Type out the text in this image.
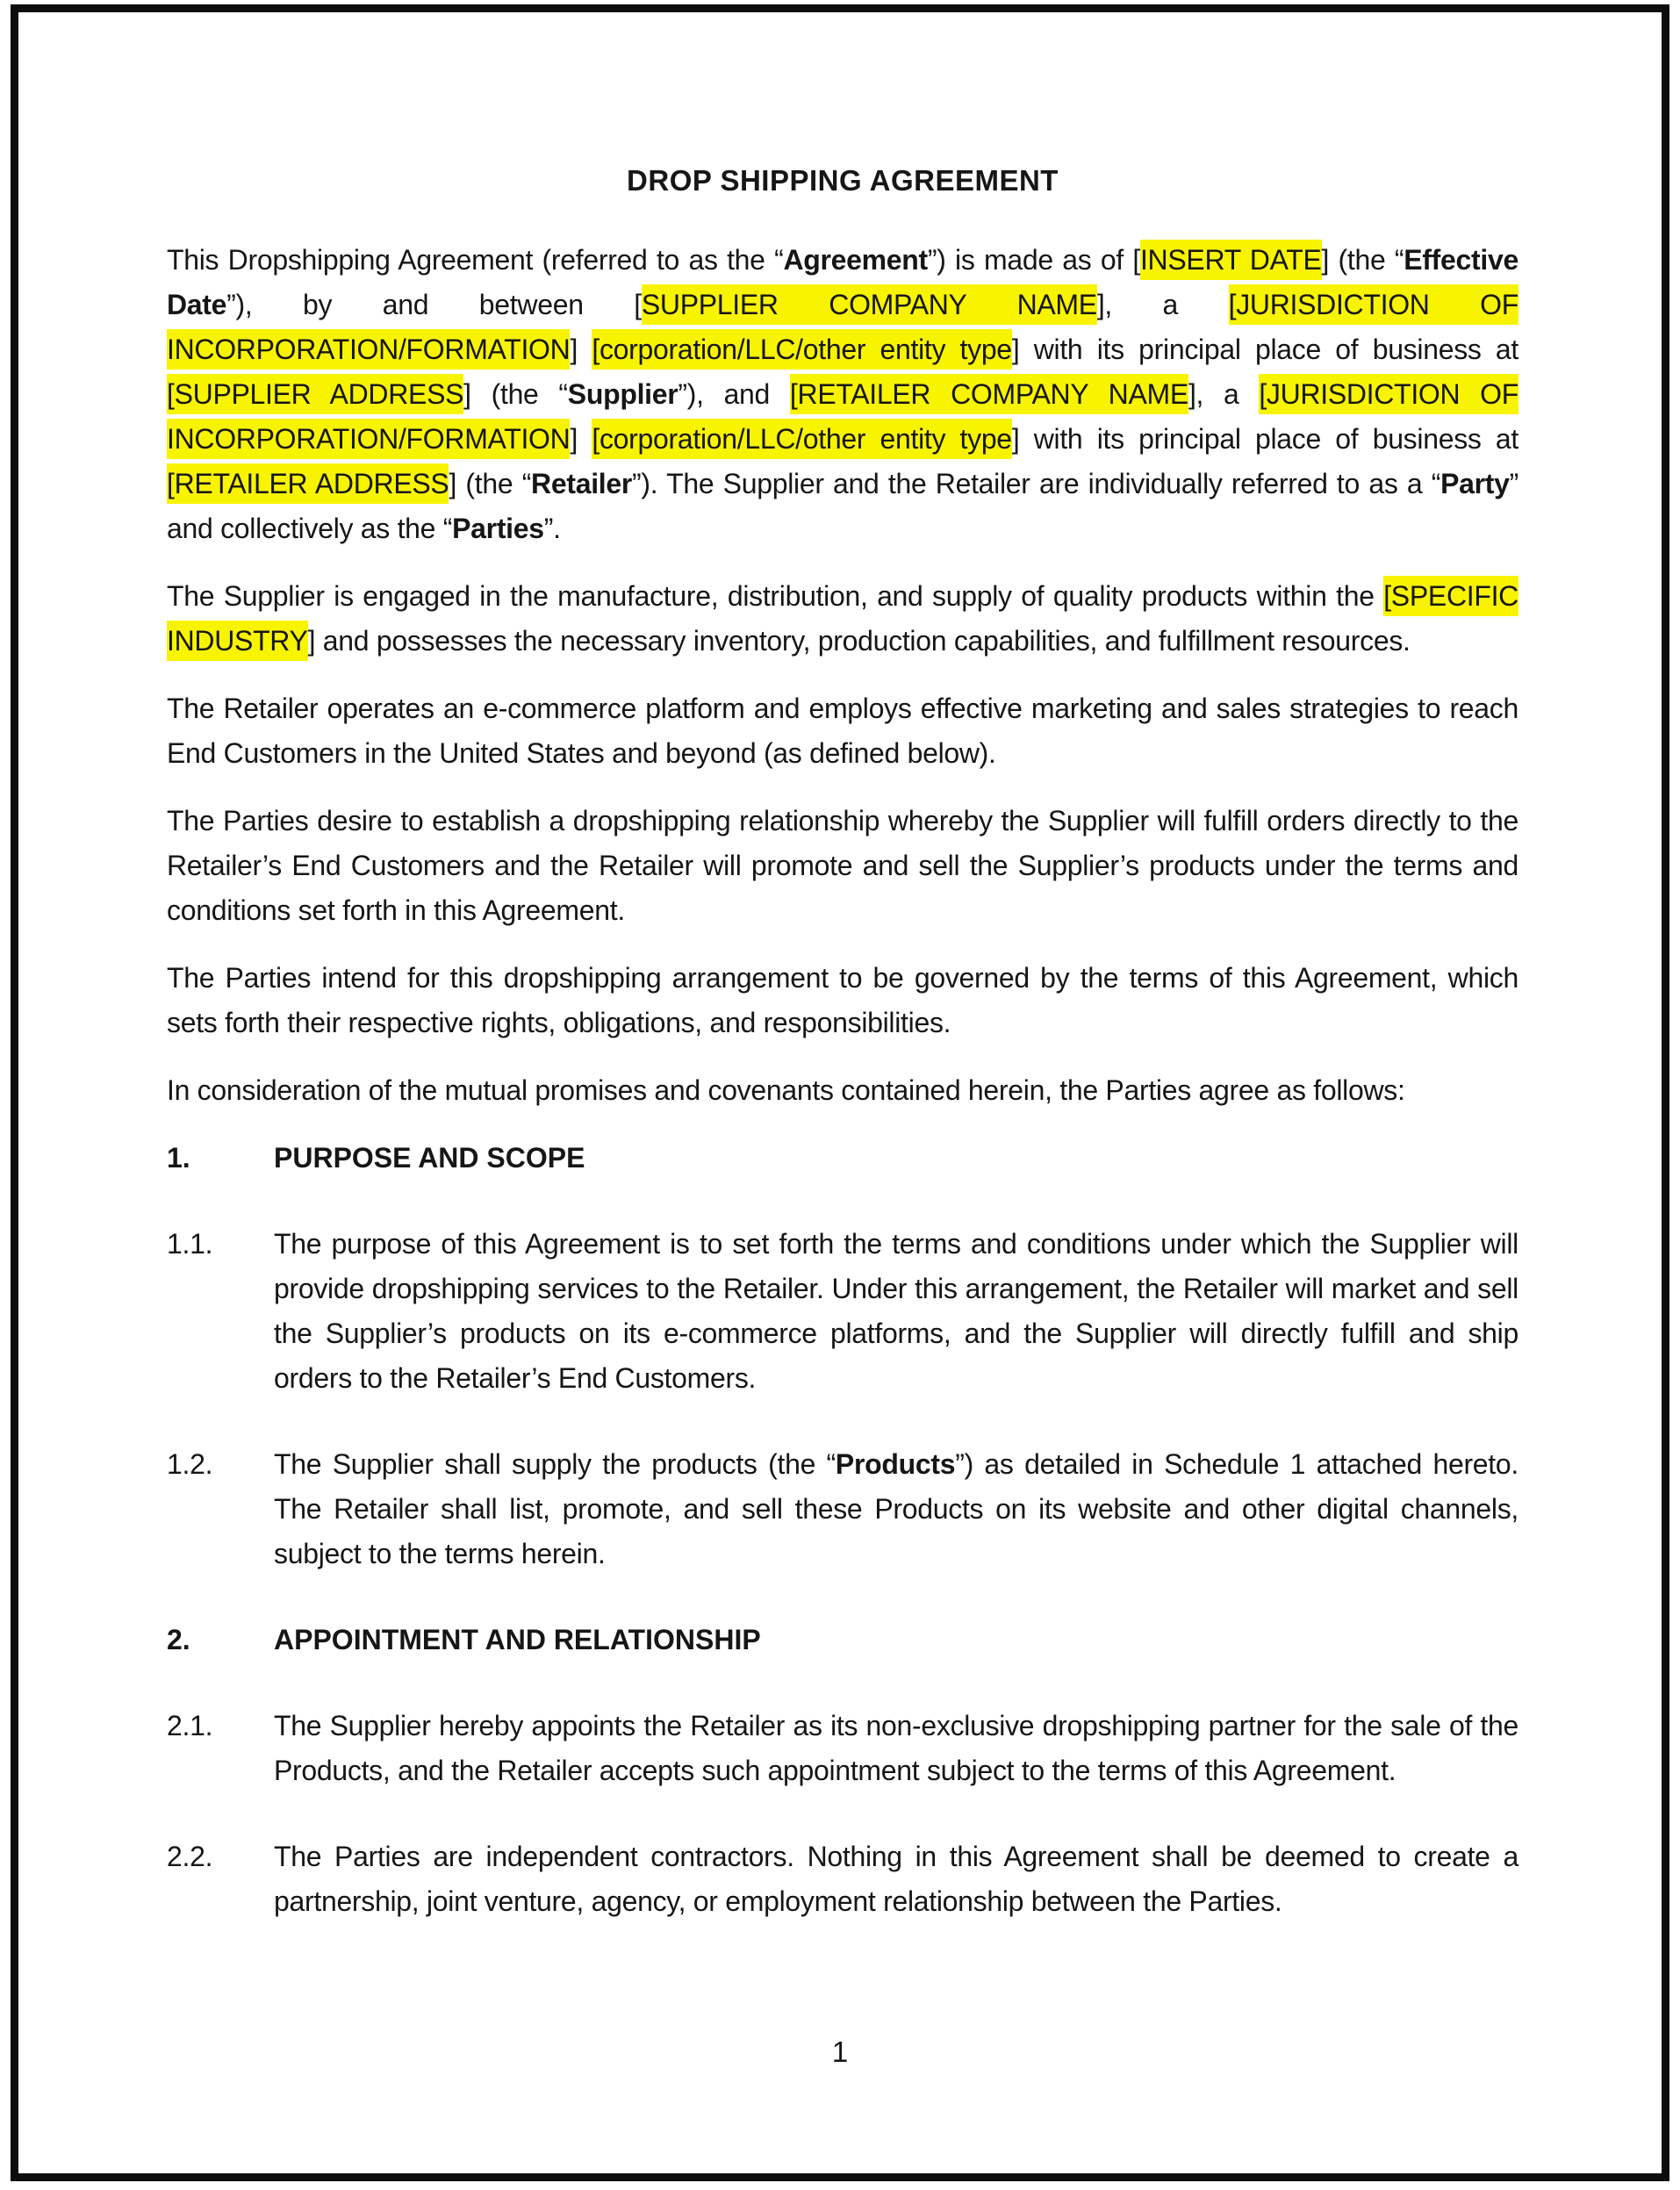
DROP SHIPPING AGREEMENT

This Dropshipping Agreement (referred to as the “Agreement”) is made as of [INSERT DATE] (the “Effective Date”), by and between [SUPPLIER COMPANY NAME], a [JURISDICTION OF INCORPORATION/FORMATION] [corporation/LLC/other entity type] with its principal place of business at [SUPPLIER ADDRESS] (the “Supplier”), and [RETAILER COMPANY NAME], a [JURISDICTION OF INCORPORATION/FORMATION] [corporation/LLC/other entity type] with its principal place of business at [RETAILER ADDRESS] (the “Retailer”). The Supplier and the Retailer are individually referred to as a “Party” and collectively as the “Parties”.

The Supplier is engaged in the manufacture, distribution, and supply of quality products within the [SPECIFIC INDUSTRY] and possesses the necessary inventory, production capabilities, and fulfillment resources.

The Retailer operates an e-commerce platform and employs effective marketing and sales strategies to reach End Customers in the United States and beyond (as defined below).

The Parties desire to establish a dropshipping relationship whereby the Supplier will fulfill orders directly to the Retailer’s End Customers and the Retailer will promote and sell the Supplier’s products under the terms and conditions set forth in this Agreement.

The Parties intend for this dropshipping arrangement to be governed by the terms of this Agreement, which sets forth their respective rights, obligations, and responsibilities.

In consideration of the mutual promises and covenants contained herein, the Parties agree as follows:

1.	PURPOSE AND SCOPE
1.1.	The purpose of this Agreement is to set forth the terms and conditions under which the Supplier will provide dropshipping services to the Retailer. Under this arrangement, the Retailer will market and sell the Supplier’s products on its e-commerce platforms, and the Supplier will directly fulfill and ship orders to the Retailer’s End Customers.
1.2.	The Supplier shall supply the products (the “Products”) as detailed in Schedule 1 attached hereto. The Retailer shall list, promote, and sell these Products on its website and other digital channels, subject to the terms herein.
2.	APPOINTMENT AND RELATIONSHIP
2.1.	The Supplier hereby appoints the Retailer as its non-exclusive dropshipping partner for the sale of the Products, and the Retailer accepts such appointment subject to the terms of this Agreement.
2.2.	The Parties are independent contractors. Nothing in this Agreement shall be deemed to create a partnership, joint venture, agency, or employment relationship between the Parties.
1
